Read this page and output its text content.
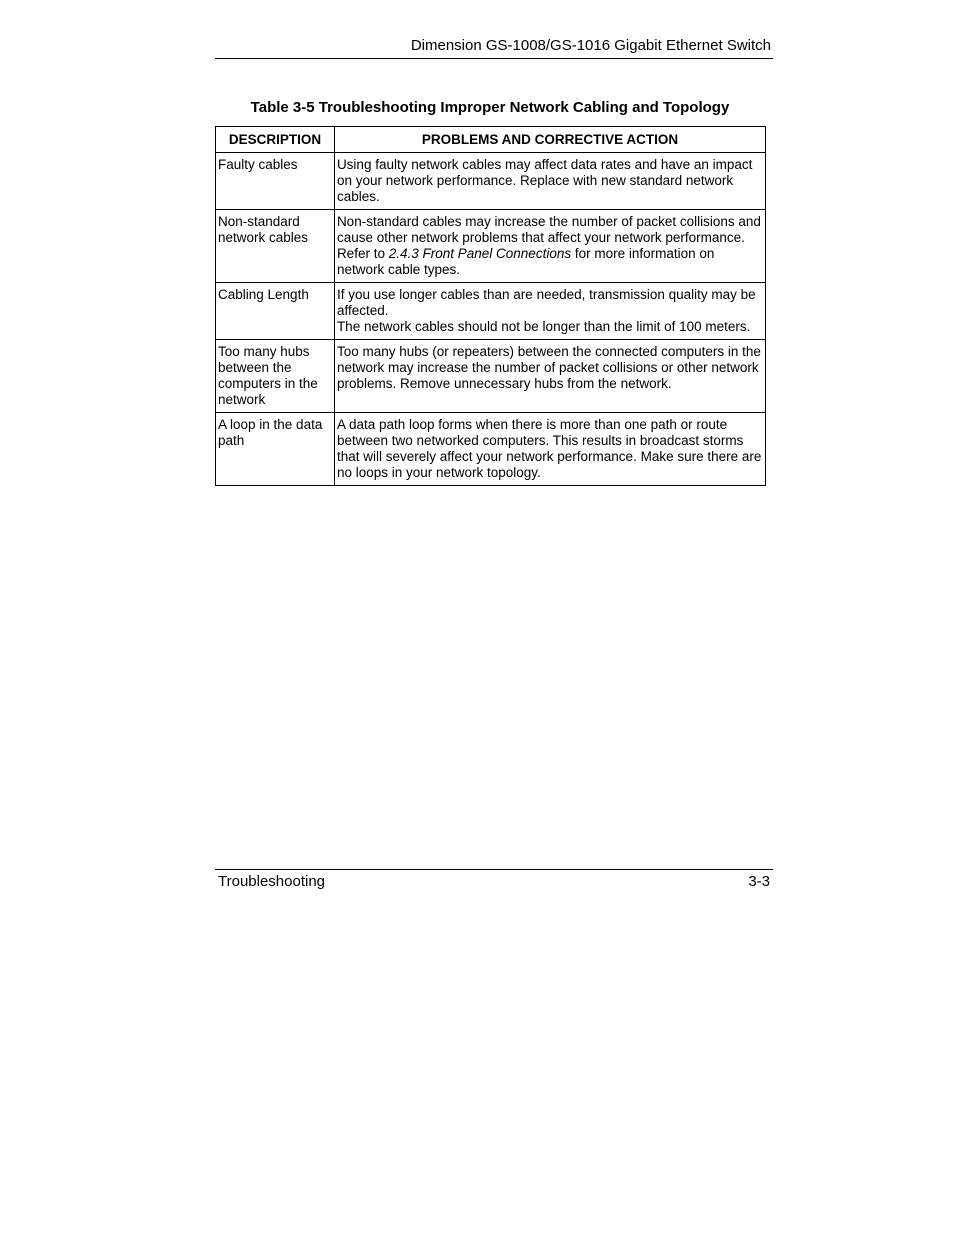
Dimension GS-1008/GS-1016 Gigabit Ethernet Switch
Table 3-5 Troubleshooting Improper Network Cabling and Topology
DESCRIPTION	PROBLEMS AND CORRECTIVE ACTION
Faulty cables	Using faulty network cables may affect data rates and have an impact on your network performance. Replace with new standard network cables.
Non-standard network cables	Non-standard cables may increase the number of packet collisions and cause other network problems that affect your network performance. Refer to 2.4.3 Front Panel Connections for more information on network cable types.
Cabling Length	If you use longer cables than are needed, transmission quality may be affected.
The network cables should not be longer than the limit of 100 meters.
Too many hubs between the computers in the network	Too many hubs (or repeaters) between the connected computers in the network may increase the number of packet collisions or other network problems. Remove unnecessary hubs from the network.
A loop in the data path	A data path loop forms when there is more than one path or route between two networked computers. This results in broadcast storms that will severely affect your network performance. Make sure there are no loops in your network topology.
Troubleshooting	3-3
